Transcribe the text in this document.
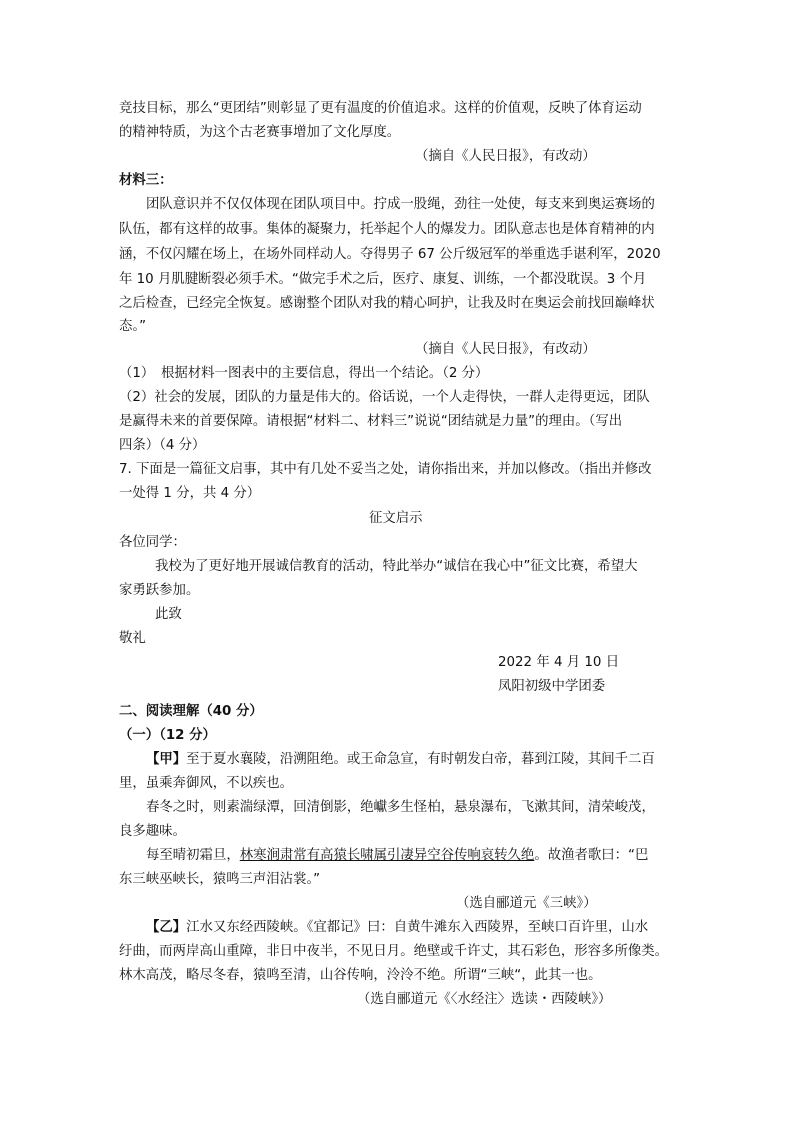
竞技目标，那么“更团结”则彰显了更有温度的价值追求。这样的价值观，反映了体育运动
的精神特质，为这个古老赛事增加了文化厚度。
（摘自《人民日报》，有改动）
材料三：
团队意识并不仅仅体现在团队项目中。拧成一股绳，劲往一处使，每支来到奥运赛场的
队伍，都有这样的故事。集体的凝聚力，托举起个人的爆发力。团队意志也是体育精神的内
涵，不仅闪耀在场上，在场外同样动人。夺得男子 67 公斤级冠军的举重选手谌利军，2020
年 10 月肌腱断裂必须手术。“做完手术之后，医疗、康复、训练，一个都没耽误。3 个月
之后检查，已经完全恢复。感谢整个团队对我的精心呵护，让我及时在奥运会前找回巅峰状
态。”
（摘自《人民日报》，有改动）
（1）　根据材料一图表中的主要信息，得出一个结论。（2 分）
（2）社会的发展，团队的力量是伟大的。俗话说，一个人走得快，一群人走得更远，团队
是赢得未来的首要保障。请根据“材料二、材料三”说说“团结就是力量”的理由。（写出
四条）（4 分）
7. 下面是一篇征文启事，其中有几处不妥当之处，请你指出来，并加以修改。（指出并修改
一处得 1 分，共 4 分）
征文启示
各位同学：
我校为了更好地开展诚信教育的活动，特此举办“诚信在我心中”征文比赛，希望大
家勇跃参加。
此致
敬礼
2022 年 4 月 10 日
凤阳初级中学团委
二、阅读理解（40 分）
（一）（12 分）
【甲】至于夏水襄陵，沿溯阻绝。或王命急宣，有时朝发白帝，暮到江陵，其间千二百
里，虽乘奔御风，不以疾也。
春冬之时，则素湍绿潭，回清倒影，绝巘多生怪柏，悬泉瀑布，飞漱其间，清荣峻茂，
良多趣味。
每至晴初霜旦，林寒涧肃常有高猿长啸属引凄异空谷传响哀转久绝。故渔者歌曰：“巴
东三峡巫峡长，猿鸣三声泪沾裳。”
（选自郦道元《三峡》）
【乙】江水又东经西陵峡。《宜都记》曰：自黄牛滩东入西陵界，至峡口百许里，山水
纡曲，而两岸高山重障，非日中夜半，不见日月。绝壁或千许丈，其石彩色，形容多所像类。
林木高茂，略尽冬春，猿鸣至清，山谷传响，泠泠不绝。所谓“三峡“，此其一也。
（选自郦道元《〈水经注〉选读・西陵峡》）
